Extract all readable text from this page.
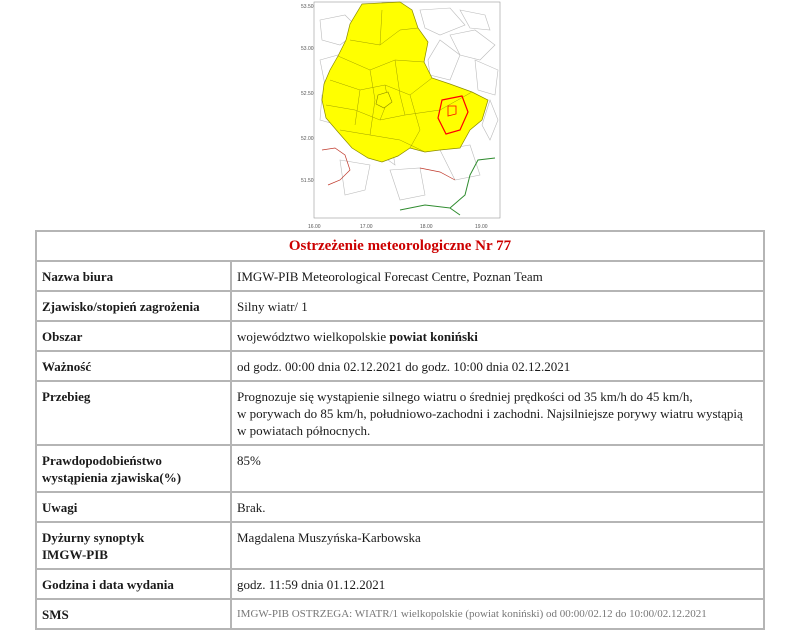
53.50
53.00
52.50
52.00
51.50
16.00	17.00	18.00	19.00
Ostrzeżenie meteorologiczne Nr 77	
Nazwa biura	IMGW-PIB Meteorological Forecast Centre, Poznan Team
Zjawisko/stopień zagrożenia	Silny wiatr/ 1
Obszar	województwo wielkopolskie powiat koniński
Ważność	od godz. 00:00 dnia 02.12.2021 do godz. 10:00 dnia 02.12.2021
Przebieg	Prognozuje się wystąpienie silnego wiatru o średniej prędkości od 35 km/h do 45 km/h,
w porywach do 85 km/h, południowo-zachodni i zachodni. Najsilniejsze porywy wiatru wystąpią
w powiatach północnych.

Prawdopodobieństwo
wystąpienia zjawiska(%)	85%
Uwagi	Brak.

Dyżurny synoptyk
IMGW-PIB	Magdalena Muszyńska-Karbowska
Godzina i data wydania	godz. 11:59 dnia 01.12.2021
SMS	IMGW-PIB OSTRZEGA: WIATR/1 wielkopolskie (powiat koniński) od 00:00/02.12 do 10:00/02.12.2021
